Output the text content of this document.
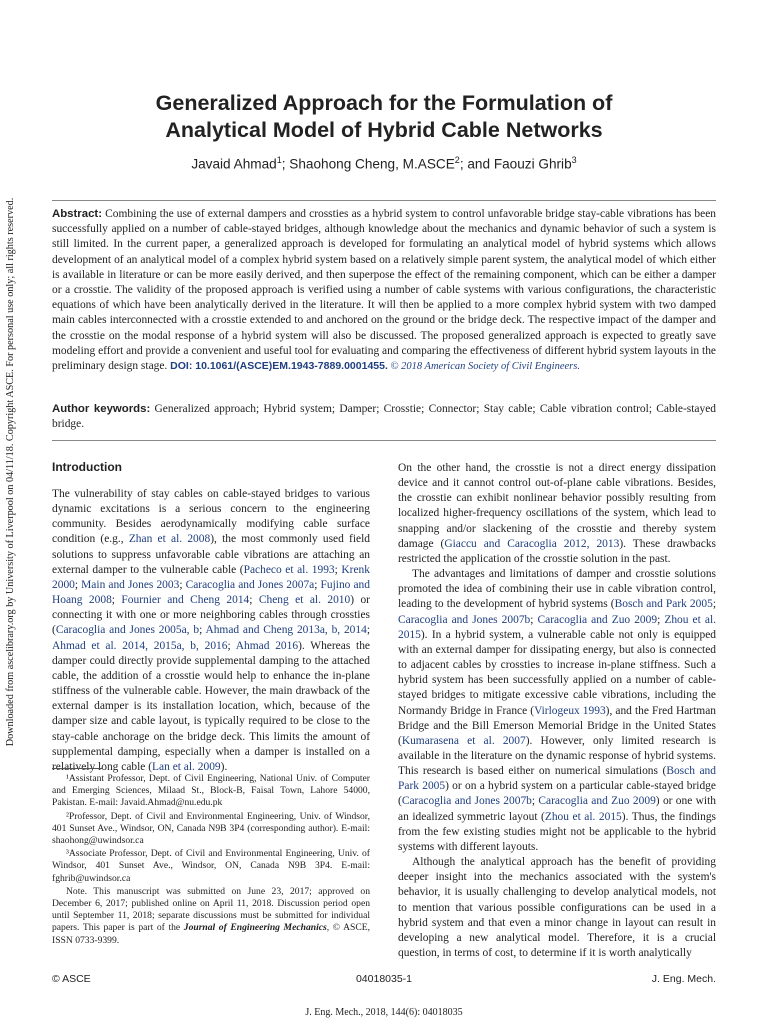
Downloaded from ascelibrary.org by University of Liverpool on 04/11/18. Copyright ASCE. For personal use only; all rights reserved.
Generalized Approach for the Formulation of
Analytical Model of Hybrid Cable Networks
Javaid Ahmad$^1$; Shaohong Cheng, M.ASCE$^2$; and Faouzi Ghrib$^3$
Abstract: Combining the use of external dampers and crossties as a hybrid system to control unfavorable bridge stay-cable vibrations has been successfully applied on a number of cable-stayed bridges, although knowledge about the mechanics and dynamic behavior of such a system is still limited. In the current paper, a generalized approach is developed for formulating an analytical model of hybrid systems which allows development of an analytical model of a complex hybrid system based on a relatively simple parent system, the analytical model of which either is available in literature or can be more easily derived, and then superpose the effect of the remaining component, which can be either a damper or a crosstie. The validity of the proposed approach is verified using a number of cable systems with various configurations, the characteristic equations of which have been analytically derived in the literature. It will then be applied to a more complex hybrid system with two damped main cables interconnected with a crosstie extended to and anchored on the ground or the bridge deck. The respective impact of the damper and the crosstie on the modal response of a hybrid system will also be discussed. The proposed generalized approach is expected to greatly save modeling effort and provide a convenient and useful tool for evaluating and comparing the effectiveness of different hybrid system layouts in the preliminary design stage. DOI: 10.1061/(ASCE)EM.1943-7889.0001455. © 2018 American Society of Civil Engineers.
Author keywords: Generalized approach; Hybrid system; Damper; Crosstie; Connector; Stay cable; Cable vibration control; Cable-stayed bridge.
Introduction

The vulnerability of stay cables on cable-stayed bridges to various dynamic excitations is a serious concern to the engineering community. Besides aerodynamically modifying cable surface condition (e.g., Zhan et al. 2008), the most commonly used field solutions to suppress unfavorable cable vibrations are attaching an external damper to the vulnerable cable (Pacheco et al. 1993; Krenk 2000; Main and Jones 2003; Caracoglia and Jones 2007a; Fujino and Hoang 2008; Fournier and Cheng 2014; Cheng et al. 2010) or connecting it with one or more neighboring cables through crossties (Caracoglia and Jones 2005a, b; Ahmad and Cheng 2013a, b, 2014; Ahmad et al. 2014, 2015a, b, 2016; Ahmad 2016). Whereas the damper could directly provide supplemental damping to the attached cable, the addition of a crosstie would help to enhance the in-plane stiffness of the vulnerable cable. However, the main drawback of the external damper is its installation location, which, because of the damper size and cable layout, is typically required to be close to the stay-cable anchorage on the bridge deck. This limits the amount of supplemental damping, especially when a damper is installed on a relatively long cable (Lan et al. 2009).

On the other hand, the crosstie is not a direct energy dissipation device and it cannot control out-of-plane cable vibrations. Besides, the crosstie can exhibit nonlinear behavior possibly resulting from localized higher-frequency oscillations of the system, which lead to snapping and/or slackening of the crosstie and thereby system damage (Giaccu and Caracoglia 2012, 2013). These drawbacks restricted the application of the crosstie solution in the past.

The advantages and limitations of damper and crosstie solutions promoted the idea of combining their use in cable vibration control, leading to the development of hybrid systems (Bosch and Park 2005; Caracoglia and Jones 2007b; Caracoglia and Zuo 2009; Zhou et al. 2015). In a hybrid system, a vulnerable cable not only is equipped with an external damper for dissipating energy, but also is connected to adjacent cables by crossties to increase in-plane stiffness. Such a hybrid system has been successfully applied on a number of cable-stayed bridges to mitigate excessive cable vibrations, including the Normandy Bridge in France (Virlogeux 1993), and the Fred Hartman Bridge and the Bill Emerson Memorial Bridge in the United States (Kumarasena et al. 2007). However, only limited research is available in the literature on the dynamic response of hybrid systems. This research is based either on numerical simulations (Bosch and Park 2005) or on a hybrid system on a particular cable-stayed bridge (Caracoglia and Jones 2007b; Caracoglia and Zuo 2009) or one with an idealized symmetric layout (Zhou et al. 2015). Thus, the findings from the few existing studies might not be applicable to the hybrid systems with different layouts.

Although the analytical approach has the benefit of providing deeper insight into the mechanics associated with the system's behavior, it is usually challenging to develop analytical models, not to mention that various possible configurations can be used in a hybrid system and that even a minor change in layout can result in developing a new analytical model. Therefore, it is a crucial question, in terms of cost, to determine if it is worth analytically

¹Assistant Professor, Dept. of Civil Engineering, National Univ. of Computer and Emerging Sciences, Milaad St., Block-B, Faisal Town, Lahore 54000, Pakistan. E-mail: Javaid.Ahmad@nu.edu.pk

²Professor, Dept. of Civil and Environmental Engineering, Univ. of Windsor, 401 Sunset Ave., Windsor, ON, Canada N9B 3P4 (corresponding author). E-mail: shaohong@uwindsor.ca

³Associate Professor, Dept. of Civil and Environmental Engineering, Univ. of Windsor, 401 Sunset Ave., Windsor, ON, Canada N9B 3P4. E-mail: fghrib@uwindsor.ca

Note. This manuscript was submitted on June 23, 2017; approved on December 6, 2017; published online on April 11, 2018. Discussion period open until September 11, 2018; separate discussions must be submitted for individual papers. This paper is part of the Journal of Engineering Mechanics, © ASCE, ISSN 0733-9399.

04018035-1
© ASCE	J. Eng. Mech.
J. Eng. Mech., 2018, 144(6): 04018035
